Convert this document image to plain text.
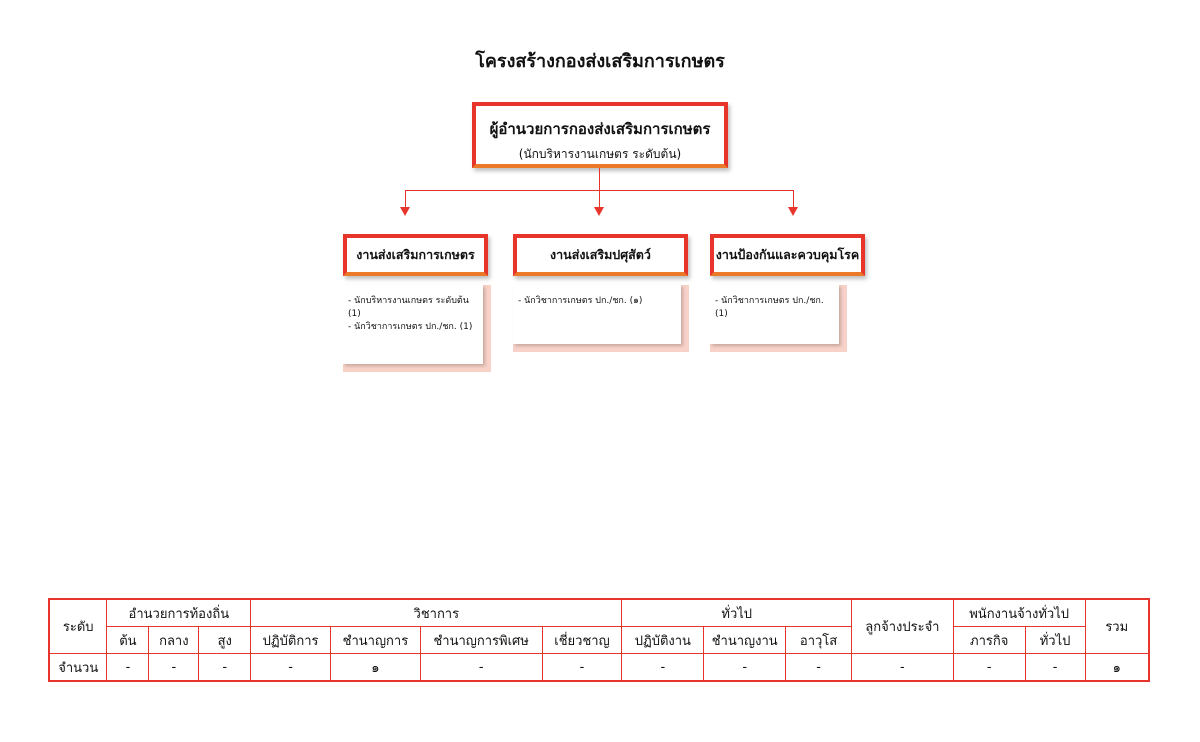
โครงสร้างกองส่งเสริมการเกษตร
ผู้อำนวยการกองส่งเสริมการเกษตร
(นักบริหารงานเกษตร ระดับต้น)
งานส่งเสริมการเกษตร
- นักบริหารงานเกษตร ระดับต้น (1)
- นักวิชาการเกษตร ปก./ชก. (1)
งานส่งเสริมปศุสัตว์
- นักวิชาการเกษตร ปก./ชก. (๑)
งานป้องกันและควบคุมโรค
- นักวิชาการเกษตร ปก./ชก. (1)
ระดับ	อำนวยการท้องถิ่น			วิชาการ				ทั่วไป			ลูกจ้างประจำ	พนักงานจ้างทั่วไป		รวม
	ต้น	กลาง	สูง	ปฏิบัติการ	ชำนาญการ	ชำนาญการพิเศษ	เชี่ยวชาญ	ปฏิบัติงาน	ชำนาญงาน	อาวุโส		ภารกิจ	ทั่วไป	
จำนวน	-	-	-	-	๑	-	-	-	-	-	-	-	-	๑
